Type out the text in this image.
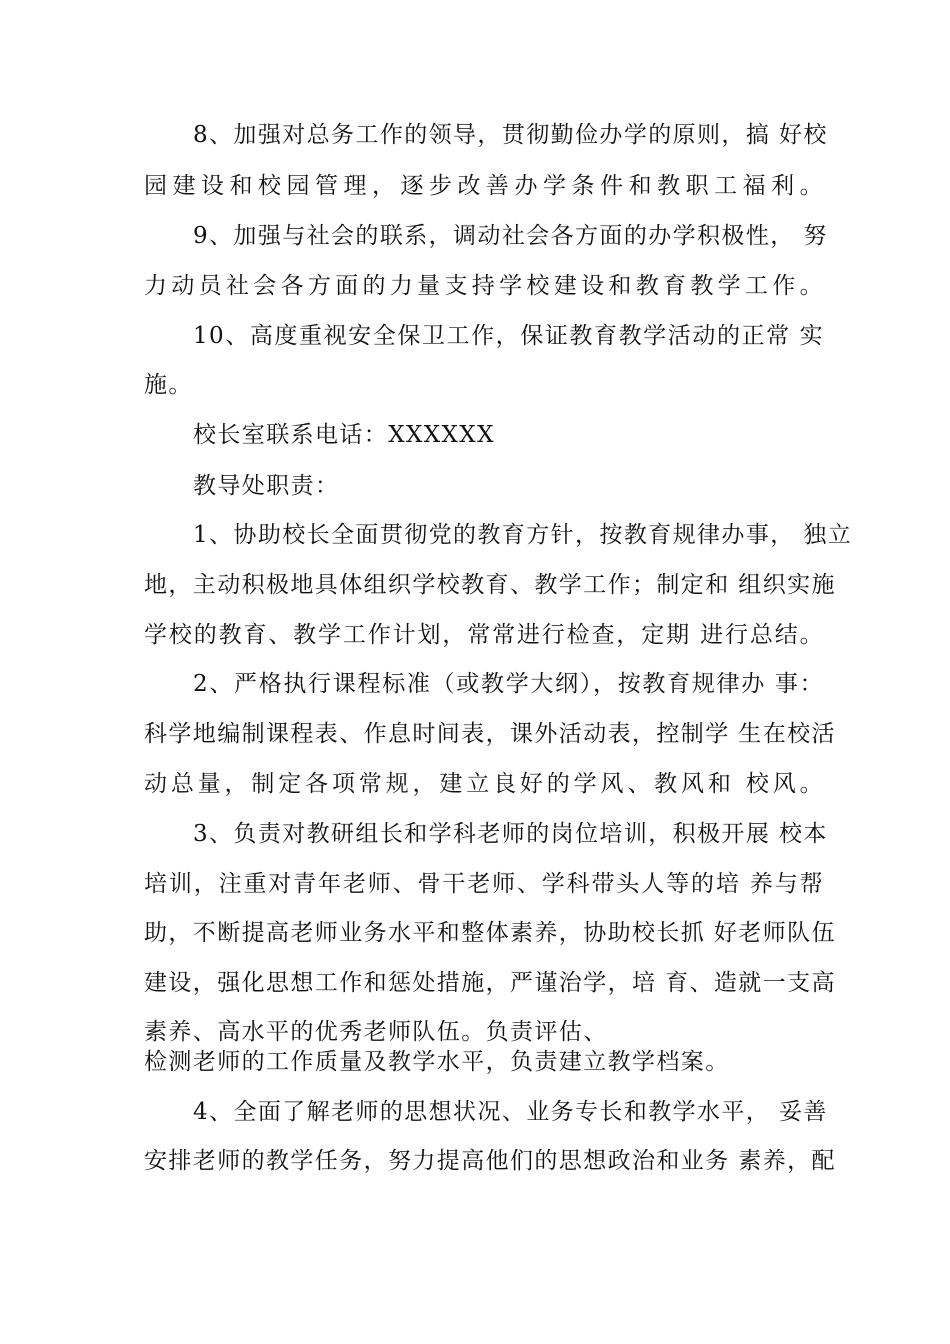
8、加强对总务工作的领导，贯彻勤俭办学的原则，搞 好校
园建设和校园管理，逐步改善办学条件和教职工福利。
9、加强与社会的联系，调动社会各方面的办学积极性， 努
力动员社会各方面的力量支持学校建设和教育教学工作。
10、高度重视安全保卫工作，保证教育教学活动的正常 实
施。
校长室联系电话：XXXXXX
教导处职责：
1、协助校长全面贯彻党的教育方针，按教育规律办事， 独立
地，主动积极地具体组织学校教育、教学工作；制定和 组织实施
学校的教育、教学工作计划，常常进行检查，定期 进行总结。
2、严格执行课程标准（或教学大纲），按教育规律办 事：
科学地编制课程表、作息时间表，课外活动表，控制学 生在校活
动总量，制定各项常规，建立良好的学风、教风和 校风。
3、负责对教研组长和学科老师的岗位培训，积极开展 校本
培训，注重对青年老师、骨干老师、学科带头人等的培 养与帮
助，不断提高老师业务水平和整体素养，协助校长抓 好老师队伍
建设，强化思想工作和惩处措施，严谨治学，培 育、造就一支高
素养、高水平的优秀老师队伍。负责评估、
检测老师的工作质量及教学水平，负责建立教学档案。
4、全面了解老师的思想状况、业务专长和教学水平， 妥善
安排老师的教学任务，努力提高他们的思想政治和业务 素养，配
